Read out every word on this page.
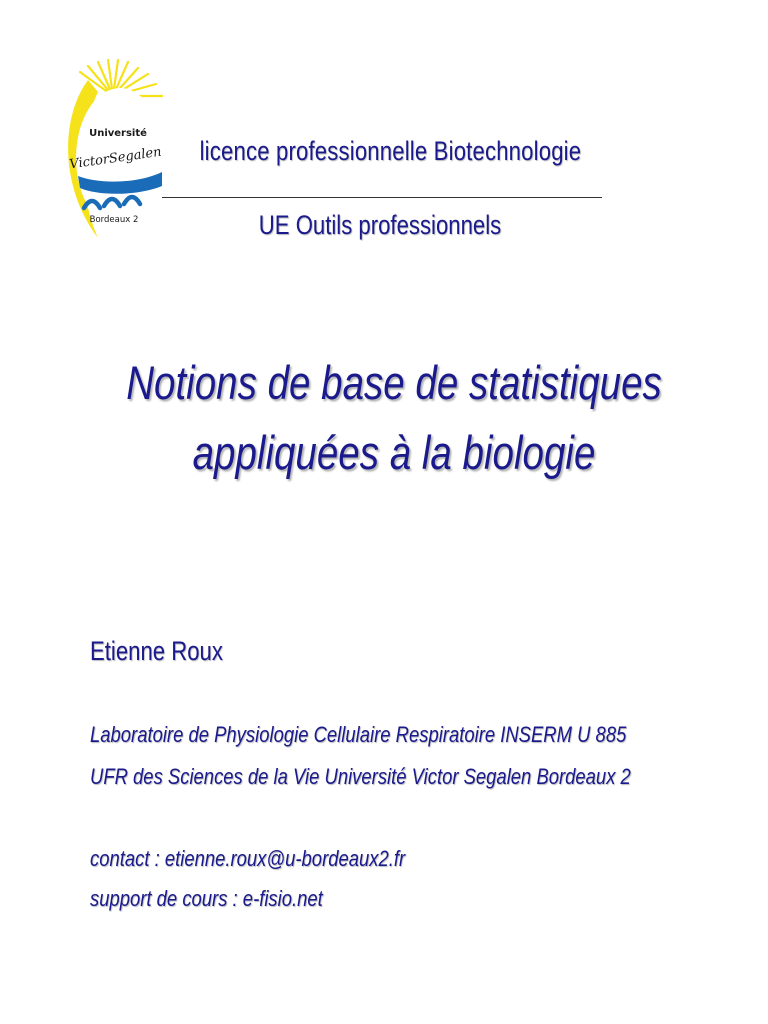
Université
VictorSegalen
Bordeaux 2
licence professionnelle Biotechnologie
UE Outils professionnels
Notions de base de statistiques
appliquées à la biologie
Etienne Roux
Laboratoire de Physiologie Cellulaire Respiratoire INSERM U 885
UFR des Sciences de la Vie Université Victor Segalen Bordeaux 2
contact : etienne.roux@u-bordeaux2.fr
support de cours : e-fisio.net
